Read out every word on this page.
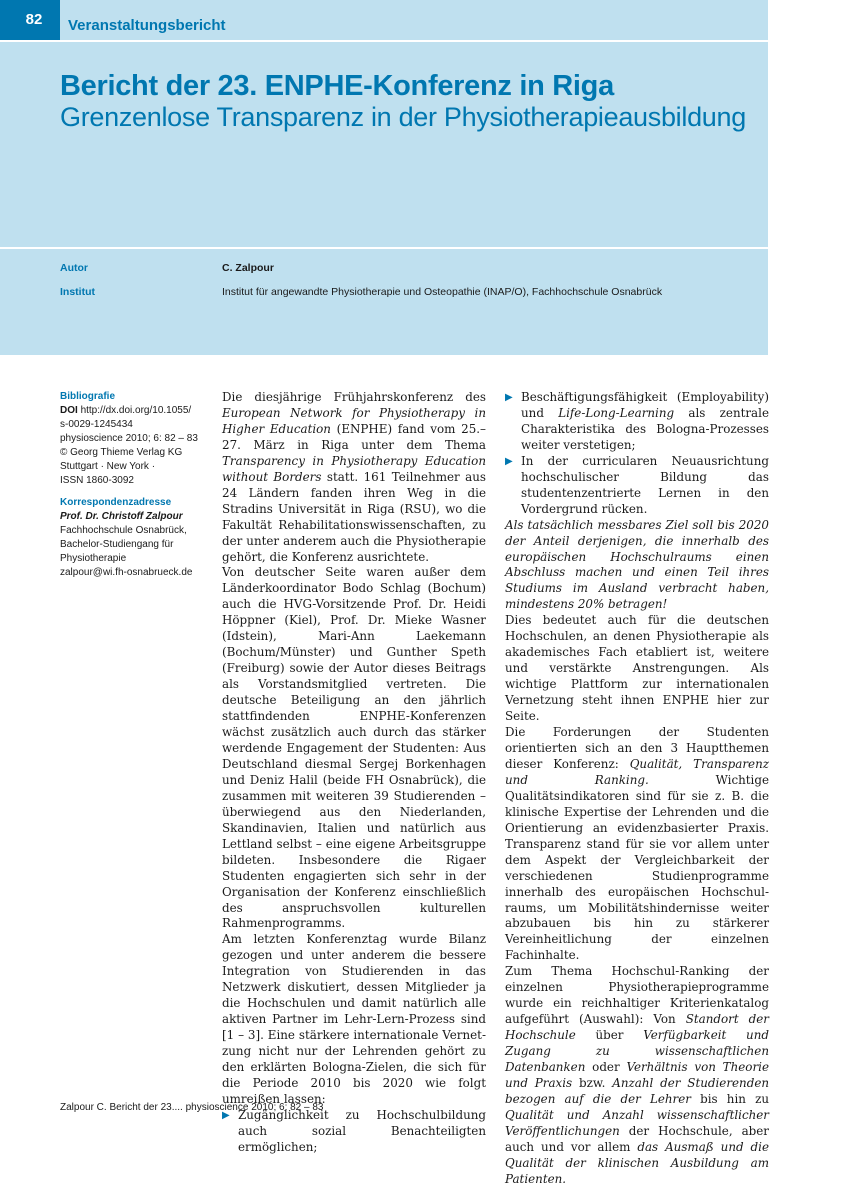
82	Veranstaltungsbericht
Bericht der 23. ENPHE-Konferenz in Riga
Grenzenlose Transparenz in der Physiotherapieausbildung
Autor	C. Zalpour
Institut	Institut für angewandte Physiotherapie und Osteopathie (INAP/O), Fachhochschule Osnabrück
Bibliografie
DOI http://dx.doi.org/10.1055/
s-0029-1245434
physioscience 2010; 6: 82 – 83
© Georg Thieme Verlag KG
Stuttgart · New York ·
ISSN 1860-3092
Korrespondenzadresse
Prof. Dr. Christoff Zalpour
Fachhochschule Osnabrück,
Bachelor-Studiengang für
Physiotherapie
zalpour@wi.fh-osnabrueck.de

Die diesjährige Frühjahrskonferenz des European Network for Physiotherapy in Higher Education (ENPHE) fand vom 25.–27. März in Riga unter dem Thema Transparency in Physiotherapy Education without Borders statt. 161 Teilnehmer aus 24 Ländern fanden ihren Weg in die Stradins Universität in Riga (RSU), wo die Fakultät Rehabilitationswissenschaften, zu der unter anderem auch die Physiotherapie gehört, die Konferenz ausrichtete.

Von deutscher Seite waren außer dem Länderkoordinator Bodo Schlag (Bochum) auch die HVG-Vorsitzende Prof. Dr. Heidi Höppner (Kiel), Prof. Dr. Mieke Wasner (Idstein), Mari-Ann Laekemann (Bochum/Münster) und Gunther Speth (Freiburg) sowie der Autor dieses Beitrags als Vorstandsmitglied vertreten. Die deutsche Beteiligung an den jährlich stattfindenden ENPHE-Konferenzen wächst zusätzlich auch durch das stärker werdende Engagement der Studenten: Aus Deutschland diesmal Sergej Borkenhagen und Deniz Halil (beide FH Osnabrück), die zusammen mit weiteren 39 Studierenden – überwiegend aus den Niederlanden, Skandinavien, Italien und natürlich aus Lettland selbst – eine eigene Arbeitsgruppe bildeten. Insbesondere die Rigaer Studenten engagierten sich sehr in der Organisation der Konferenz einschließlich des anspruchsvollen kulturellen Rahmenprogramms.

Am letzten Konferenztag wurde Bilanz gezogen und unter anderem die bessere Integration von Studierenden in das Netzwerk diskutiert, dessen Mitglieder ja die Hochschulen und damit natürlich alle aktiven Partner im Lehr-Lern-Prozess sind [1 – 3]. Eine stärkere internationale Vernetzung nicht nur der Lehrenden gehört zu den erklärten Bologna-Zielen, die sich für die Periode 2010 bis 2020 wie folgt umreißen lassen:

▶ Zugänglichkeit zu Hochschulbildung auch sozial Benachteiligten ermöglichen;
▶ Beschäftigungsfähigkeit (Employability) und Life-Long-Learning als zentrale Charakteristika des Bologna-Prozesses weiter verstetigen;
▶ In der curricularen Neuausrichtung hochschulischer Bildung das studentenzentrierte Lernen in den Vordergrund rücken.

Als tatsächlich messbares Ziel soll bis 2020 der Anteil derjenigen, die innerhalb des europäischen Hochschulraums einen Abschluss machen und einen Teil ihres Studiums im Ausland verbracht haben, mindestens 20% betragen!

Dies bedeutet auch für die deutschen Hochschulen, an denen Physiotherapie als akademisches Fach etabliert ist, weitere und verstärkte Anstrengungen. Als wichtige Plattform zur internationalen Vernetzung steht ihnen ENPHE hier zur Seite.

Die Forderungen der Studenten orientierten sich an den 3 Hauptthemen dieser Konferenz: Qualität, Transparenz und Ranking. Wichtige Qualitätsindikatoren sind für sie z. B. die klinische Expertise der Lehrenden und die Orientierung an evidenzbasierter Praxis. Transparenz stand für sie vor allem unter dem Aspekt der Vergleichbarkeit der verschiedenen Studienprogramme innerhalb des europäischen Hochschulraums, um Mobilitätshindernisse weiter abzubauen bis hin zu stärkerer Vereinheitlichung der einzelnen Fachinhalte.

Zum Thema Hochschul-Ranking der einzelnen Physiotherapieprogramme wurde ein reichhaltiger Kriterienkatalog aufgeführt (Auswahl): Von Standort der Hochschule über Verfügbarkeit und Zugang zu wissenschaftlichen Datenbanken oder Verhältnis von Theorie und Praxis bzw. Anzahl der Studierenden bezogen auf die der Lehrer bis hin zu Qualität und Anzahl wissenschaftlicher Veröffentlichungen der Hochschule, aber auch und vor allem das Ausmaß und die Qualität der klinischen Ausbildung am Patienten.

Zalpour C. Bericht der 23.... physioscience 2010; 6: 82 – 83
